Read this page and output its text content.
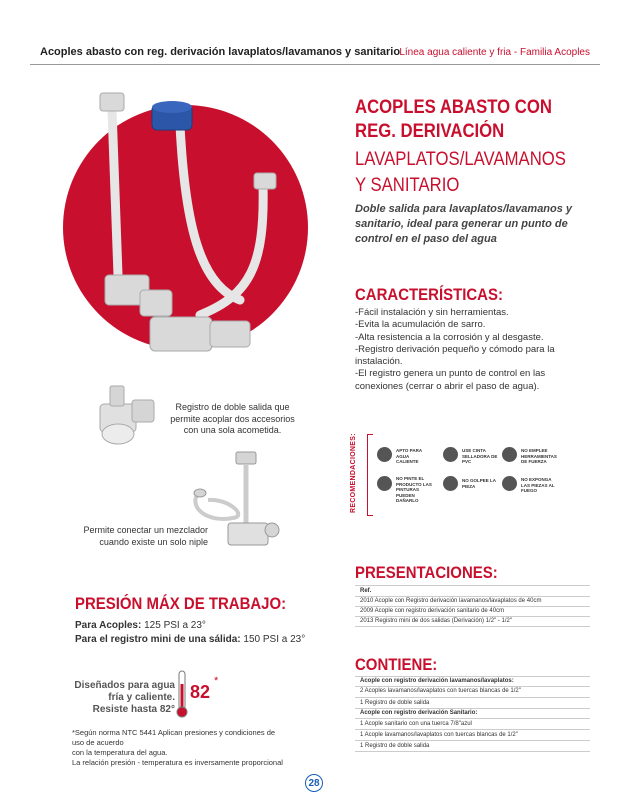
Acoples abasto con reg. derivación lavaplatos/lavamanos y sanitario Línea agua caliente y fria - Familia Acoples
ACOPLES ABASTO CON
REG. DERIVACIÓN
LAVAPLATOS/LAVAMANOS
Y SANITARIO
Doble salida para lavaplatos/lavamanos y sanitario, ideal para generar un punto de control en el paso del agua
CARACTERÍSTICAS:
-Fácil instalación y sin herramientas.
-Evita la acumulación de sarro.
-Alta resistencia a la corrosión y al desgaste.
-Registro derivación pequeño y cómodo para la
instalación.
-El registro genera un punto de control en las
conexiones (cerrar o abrir el paso de agua).
Registro de doble salida que permite acoplar dos accesorios con una sola acometida.
Permite conectar un mezclador cuando existe un solo niple
RECOMENDACIONES:	APTO PARA AGUA CALIENTE
USE CINTA SELLADORA DE PVC
NO EMPLEE HERRAMIENTAS DE FUERZA
NO PINTE EL PRODUCTO LAS PINTURAS PUEDEN DAÑARLO
NO GOLPEE LA PIEZA
NO EXPONGA LAS PIEZAS AL FUEGO
PRESENTACIONES:
Ref.
2010 Acople con Registro derivación lavamanos/lavaplatos de 40cm
2009 Acople con registro derivación sanitario de 40cm
2013 Registro mini de dos salidas (Derivación) 1/2" - 1/2"
CONTIENE:
Acople con registro derivación lavamanos/lavaplatos:
2 Acoples lavamanos/lavaplatos con tuercas blancas de 1/2"
1 Registro de doble salida
Acople con registro derivación Sanitario:
1 Acople sanitario con una tuerca 7/8"azul
1 Acople lavamanos/lavaplatos con tuercas blancas de 1/2"
1 Registro de doble salida
PRESIÓN MÁX DE TRABAJO:
Para Acoples: 125 PSI a 23°
Para el registro mini de una sálida: 150 PSI a 23°
Diseñados para agua
fría y caliente.
Resiste hasta 82°
82
*
*Según norma NTC 5441 Aplican presiones y condiciones de uso de acuerdo
con la temperatura del agua.
La relación presión - temperatura es inversamente proporcional
28
